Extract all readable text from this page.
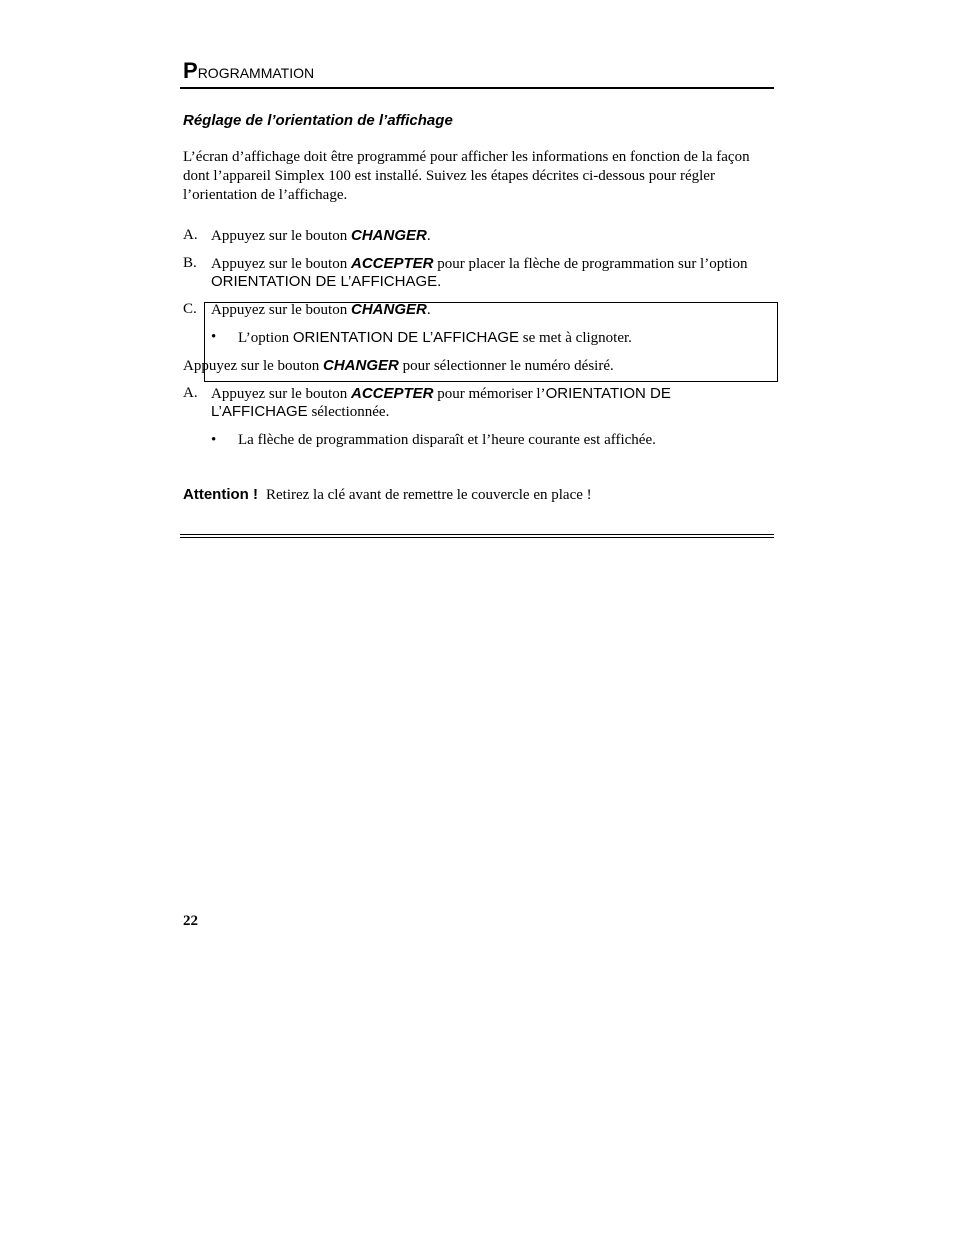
PROGRAMMATION
Réglage de l’orientation de l’affichage
L’écran d’affichage doit être programmé pour afficher les informations en fonction de la façon
dont l’appareil Simplex 100 est installé. Suivez les étapes décrites ci-dessous pour régler
l’orientation de l’affichage.
A. Appuyez sur le bouton CHANGER.
B. Appuyez sur le bouton ACCEPTER pour placer la flèche de programmation sur l’option
ORIENTATION DE L’AFFICHAGE.
C. Appuyez sur le bouton CHANGER.
• L’option ORIENTATION DE L’AFFICHAGE se met à clignoter.
Appuyez sur le bouton CHANGER pour sélectionner le numéro désiré.
A. Appuyez sur le bouton ACCEPTER pour mémoriser l’ORIENTATION DE
L’AFFICHAGE sélectionnée.
• La flèche de programmation disparaît et l’heure courante est affichée.
Attention ! Retirez la clé avant de remettre le couvercle en place !
22
